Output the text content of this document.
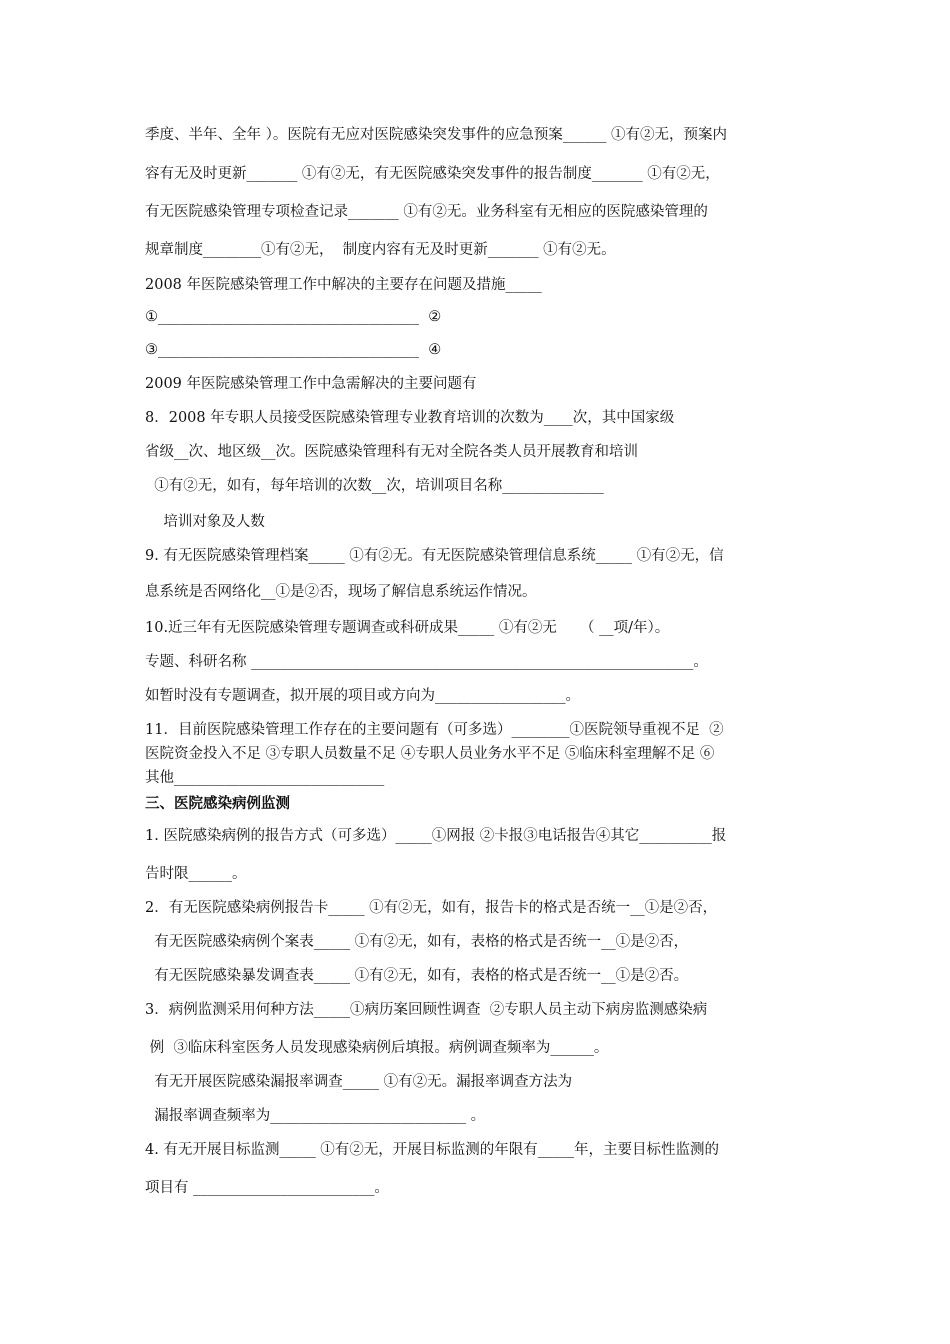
季度、半年、全年 ）。医院有无应对医院感染突发事件的应急预案______ ①有②无，预案内
容有无及时更新_______ ①有②无，有无医院感染突发事件的报告制度_______ ①有②无，
有无医院感染管理专项检查记录_______ ①有②无。业务科室有无相应的医院感染管理的
规章制度________①有②无，  制度内容有无及时更新_______ ①有②无。
2008 年医院感染管理工作中解决的主要存在问题及措施_____
①____________________________________  ②
③____________________________________  ④
2009 年医院感染管理工作中急需解决的主要问题有
8．2008 年专职人员接受医院感染管理专业教育培训的次数为____次，其中国家级
省级__次、地区级__次。医院感染管理科有无对全院各类人员开展教育和培训
①有②无，如有，每年培训的次数__次，培训项目名称______________
培训对象及人数
9. 有无医院感染管理档案_____ ①有②无。有无医院感染管理信息系统_____ ①有②无，信
息系统是否网络化__①是②否，现场了解信息系统运作情况。
10.近三年有无医院感染管理专题调查或科研成果_____ ①有②无     （ __项/年）。
专题、科研名称 _____________________________________________________________。
如暂时没有专题调查，拟开展的项目或方向为__________________。
11．目前医院感染管理工作存在的主要问题有（可多选）________①医院领导重视不足  ②
医院资金投入不足 ③专职人员数量不足 ④专职人员业务水平不足 ⑤临床科室理解不足 ⑥
其他_____________________________
三、医院感染病例监测
1. 医院感染病例的报告方式（可多选）_____①网报 ②卡报③电话报告④其它__________报
告时限______。
2．有无医院感染病例报告卡_____ ①有②无，如有，报告卡的格式是否统一__①是②否，
有无医院感染病例个案表_____ ①有②无，如有，表格的格式是否统一__①是②否，
有无医院感染暴发调查表_____ ①有②无，如有，表格的格式是否统一__①是②否。
3．病例监测采用何种方法_____①病历案回顾性调查  ②专职人员主动下病房监测感染病
例  ③临床科室医务人员发现感染病例后填报。病例调查频率为______。
有无开展医院感染漏报率调查_____ ①有②无。漏报率调查方法为
漏报率调查频率为___________________________ 。
4. 有无开展目标监测_____ ①有②无，开展目标监测的年限有_____年，主要目标性监测的
项目有 _________________________。
